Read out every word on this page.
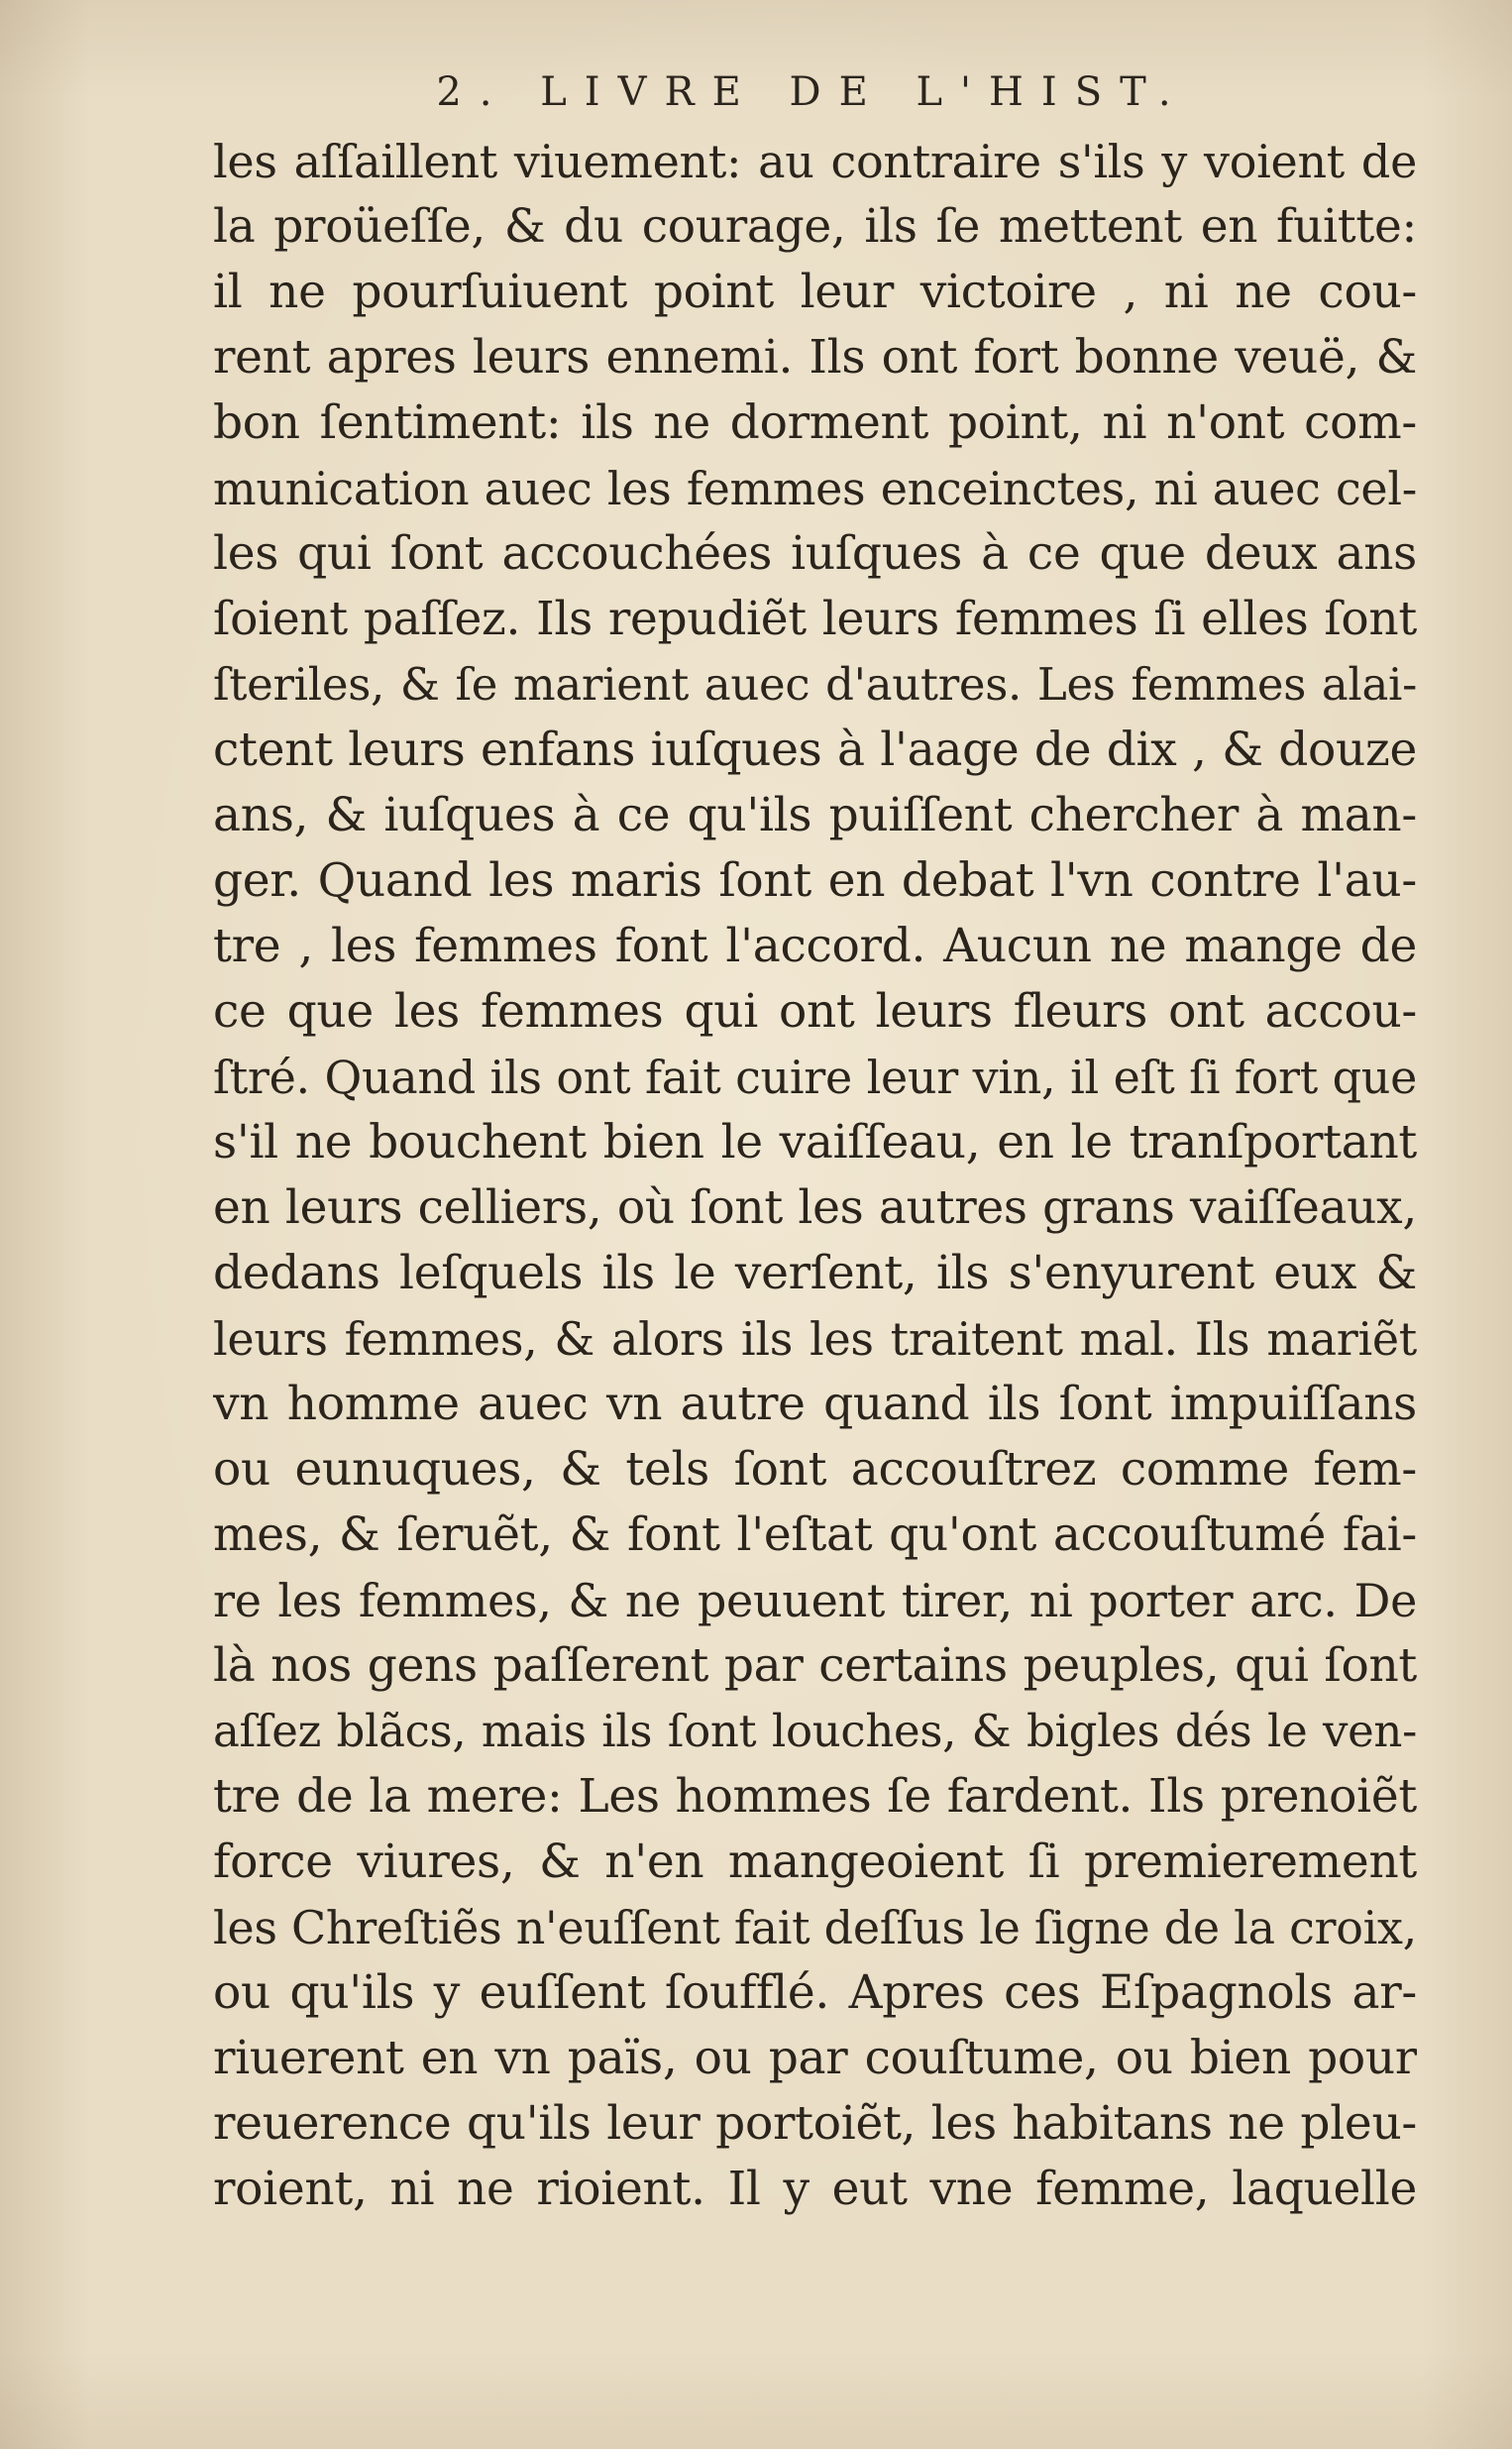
2. LIVRE DE L'HIST.
les aſſaillent viuement: au contraire s'ils y voient de
la proüeſſe, & du courage, ils ſe mettent en fuitte:
il ne pourſuiuent point leur victoire , ni ne cou-
rent apres leurs ennemi. Ils ont fort bonne veuë, &
bon ſentiment: ils ne dorment point, ni n'ont com-
munication auec les femmes enceinctes, ni auec cel-
les qui ſont accouchées iuſques à ce que deux ans
ſoient paſſez. Ils repudiẽt leurs femmes ſi elles ſont
ſteriles, & ſe marient auec d'autres. Les femmes alai-
ctent leurs enfans iuſques à l'aage de dix , & douze
ans, & iuſques à ce qu'ils puiſſent chercher à man-
ger. Quand les maris ſont en debat l'vn contre l'au-
tre , les femmes font l'accord. Aucun ne mange de
ce que les femmes qui ont leurs fleurs ont accou-
ſtré. Quand ils ont fait cuire leur vin, il eſt ſi fort que
s'il ne bouchent bien le vaiſſeau, en le tranſportant
en leurs celliers, où ſont les autres grans vaiſſeaux,
dedans leſquels ils le verſent, ils s'enyurent eux &
leurs femmes, & alors ils les traitent mal. Ils mariẽt
vn homme auec vn autre quand ils ſont impuiſſans
ou eunuques, & tels ſont accouſtrez comme fem-
mes, & ſeruẽt, & font l'eſtat qu'ont accouſtumé fai-
re les femmes, & ne peuuent tirer, ni porter arc. De
là nos gens paſſerent par certains peuples, qui ſont
aſſez blãcs, mais ils ſont louches, & bigles dés le ven-
tre de la mere: Les hommes ſe fardent. Ils prenoiẽt
force viures, & n'en mangeoient ſi premierement
les Chreſtiẽs n'euſſent fait deſſus le ſigne de la croix,
ou qu'ils y euſſent ſoufflé. Apres ces Eſpagnols ar-
riuerent en vn païs, ou par couſtume, ou bien pour
reuerence qu'ils leur portoiẽt, les habitans ne pleu-
roient, ni ne rioient. Il y eut vne femme, laquelle
